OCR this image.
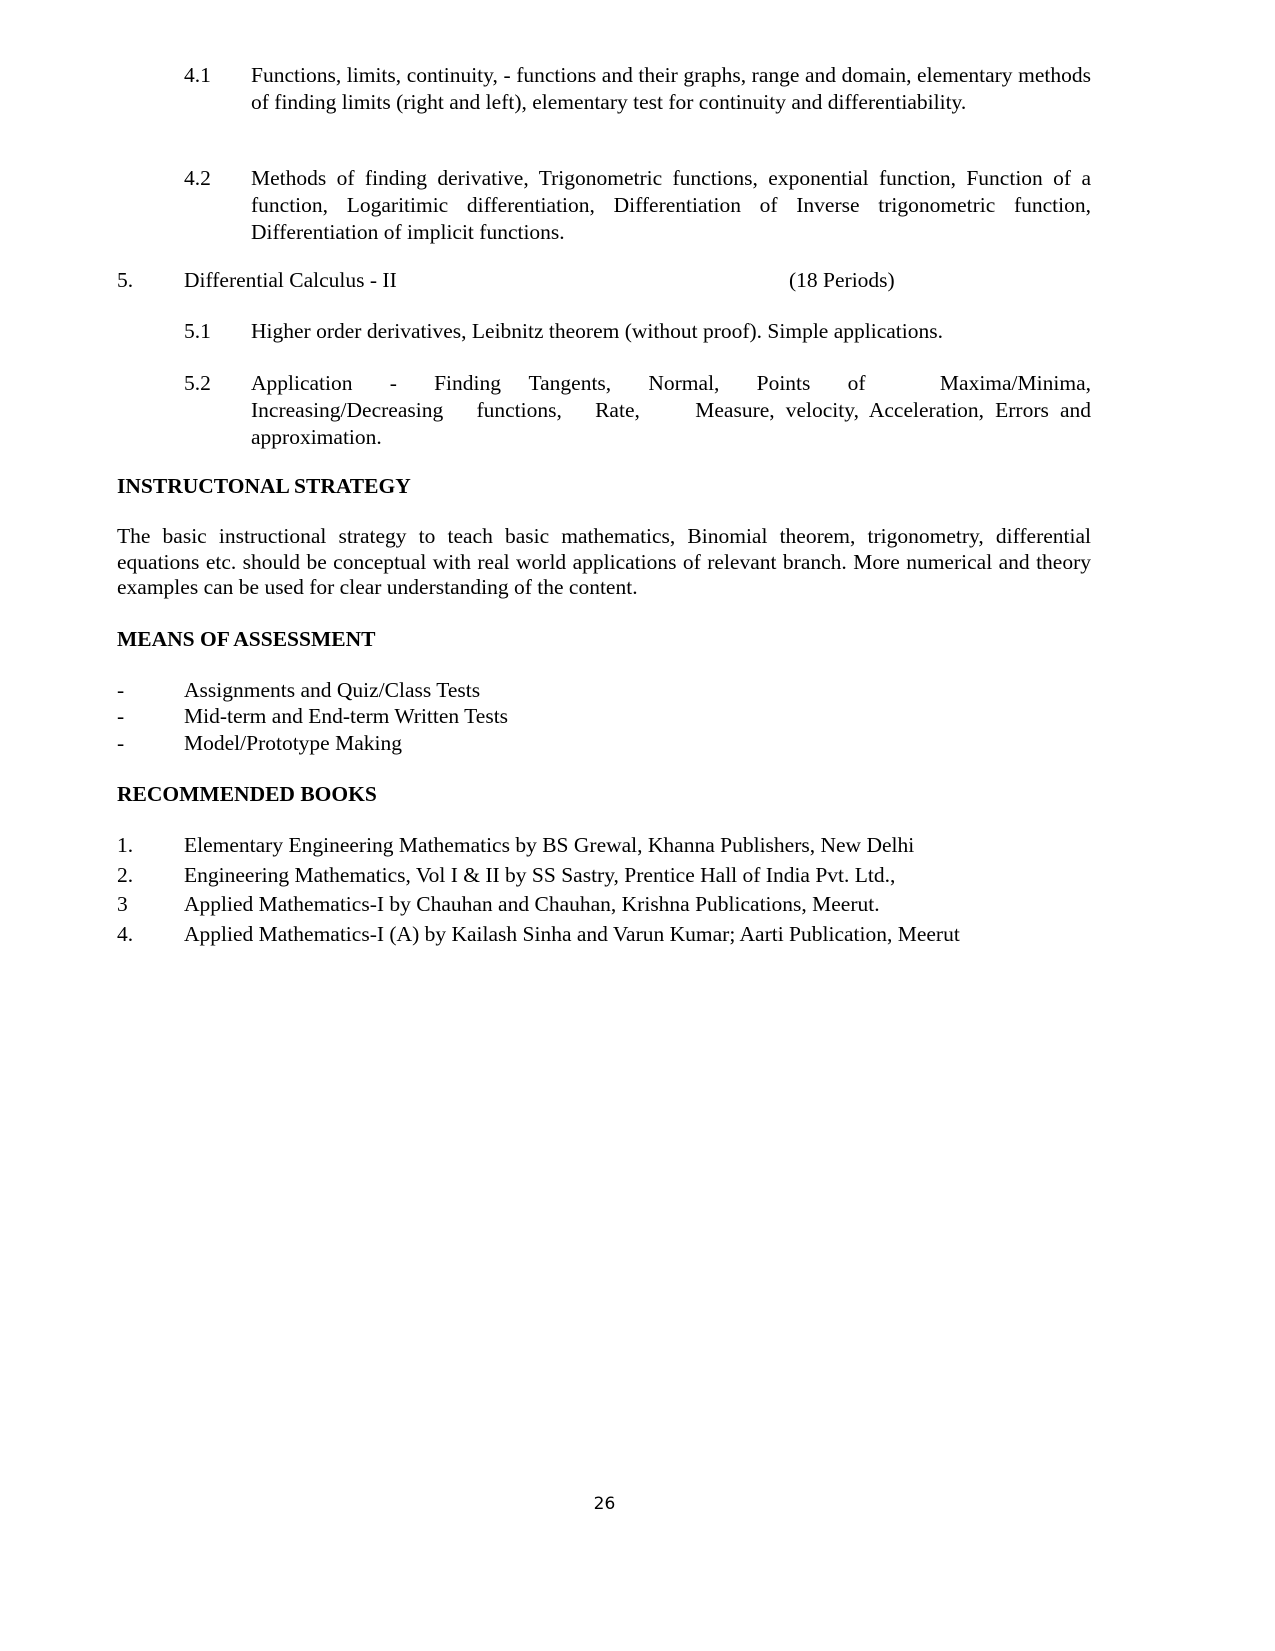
4.1 Functions, limits, continuity, - functions and their graphs, range and domain, elementary methods of finding limits (right and left), elementary test for continuity and differentiability.
4.2 Methods of finding derivative, Trigonometric functions, exponential function, Function of a function, Logaritimic differentiation, Differentiation of Inverse trigonometric function, Differentiation of implicit functions.
5. Differential Calculus - II	(18 Periods)
5.1 Higher order derivatives, Leibnitz theorem (without proof). Simple applications.
5.2 Application    -    Finding   Tangents,    Normal,    Points    of        Maxima/Minima, Increasing/Decreasing   functions,   Rate,     Measure, velocity, Acceleration, Errors and approximation.
INSTRUCTONAL STRATEGY
The basic instructional strategy to teach basic mathematics, Binomial theorem, trigonometry, differential equations etc. should be conceptual with real world applications of relevant branch. More numerical and theory examples can be used for clear understanding of the content.
MEANS OF ASSESSMENT
-	Assignments and Quiz/Class Tests
-	Mid-term and End-term Written Tests
-	Model/Prototype Making
RECOMMENDED BOOKS
1. Elementary Engineering Mathematics by BS Grewal, Khanna Publishers, New Delhi
2. Engineering Mathematics, Vol I & II by SS Sastry, Prentice Hall of India Pvt. Ltd.,
3	Applied Mathematics-I by Chauhan and Chauhan, Krishna Publications, Meerut.
4. Applied Mathematics-I (A) by Kailash Sinha and Varun Kumar; Aarti Publication, Meerut
26
